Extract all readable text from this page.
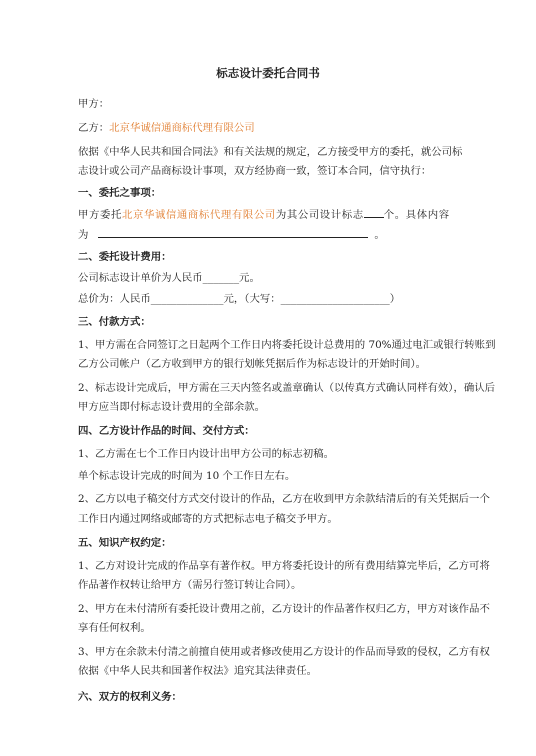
标志设计委托合同书
甲方：
乙方：北京华诚信通商标代理有限公司
依据《中华人民共和国合同法》和有关法规的规定，乙方接受甲方的委托，就公司标
志设计或公司产品商标设计事项，双方经协商一致，签订本合同，信守执行：
一、委托之事项：
甲方委托北京华诚信通商标代理有限公司为其公司设计标志 个。具体内容
为	。
二、委托设计费用：
公司标志设计单价为人民币_______元。
总价为：人民币______________元，（大写：_____________________）
三、付款方式：
1、甲方需在合同签订之日起两个工作日内将委托设计总费用的 70%通过电汇或银行转账到
乙方公司帐户（乙方收到甲方的银行划帐凭据后作为标志设计的开始时间）。
2、标志设计完成后，甲方需在三天内签名或盖章确认（以传真方式确认同样有效），确认后
甲方应当即付标志设计费用的全部余款。
四、乙方设计作品的时间、交付方式：
1、乙方需在七个工作日内设计出甲方公司的标志初稿。
单个标志设计完成的时间为 10 个工作日左右。
2、乙方以电子稿交付方式交付设计的作品，乙方在收到甲方余款结清后的有关凭据后一个
工作日内通过网络或邮寄的方式把标志电子稿交予甲方。
五、知识产权约定：
1、乙方对设计完成的作品享有著作权。甲方将委托设计的所有费用结算完毕后，乙方可将
作品著作权转让给甲方（需另行签订转让合同）。
2、甲方在未付清所有委托设计费用之前，乙方设计的作品著作权归乙方，甲方对该作品不
享有任何权利。
3、甲方在余款未付清之前擅自使用或者修改使用乙方设计的作品而导致的侵权，乙方有权
依据《中华人民共和国著作权法》追究其法律责任。
六、双方的权利义务：
